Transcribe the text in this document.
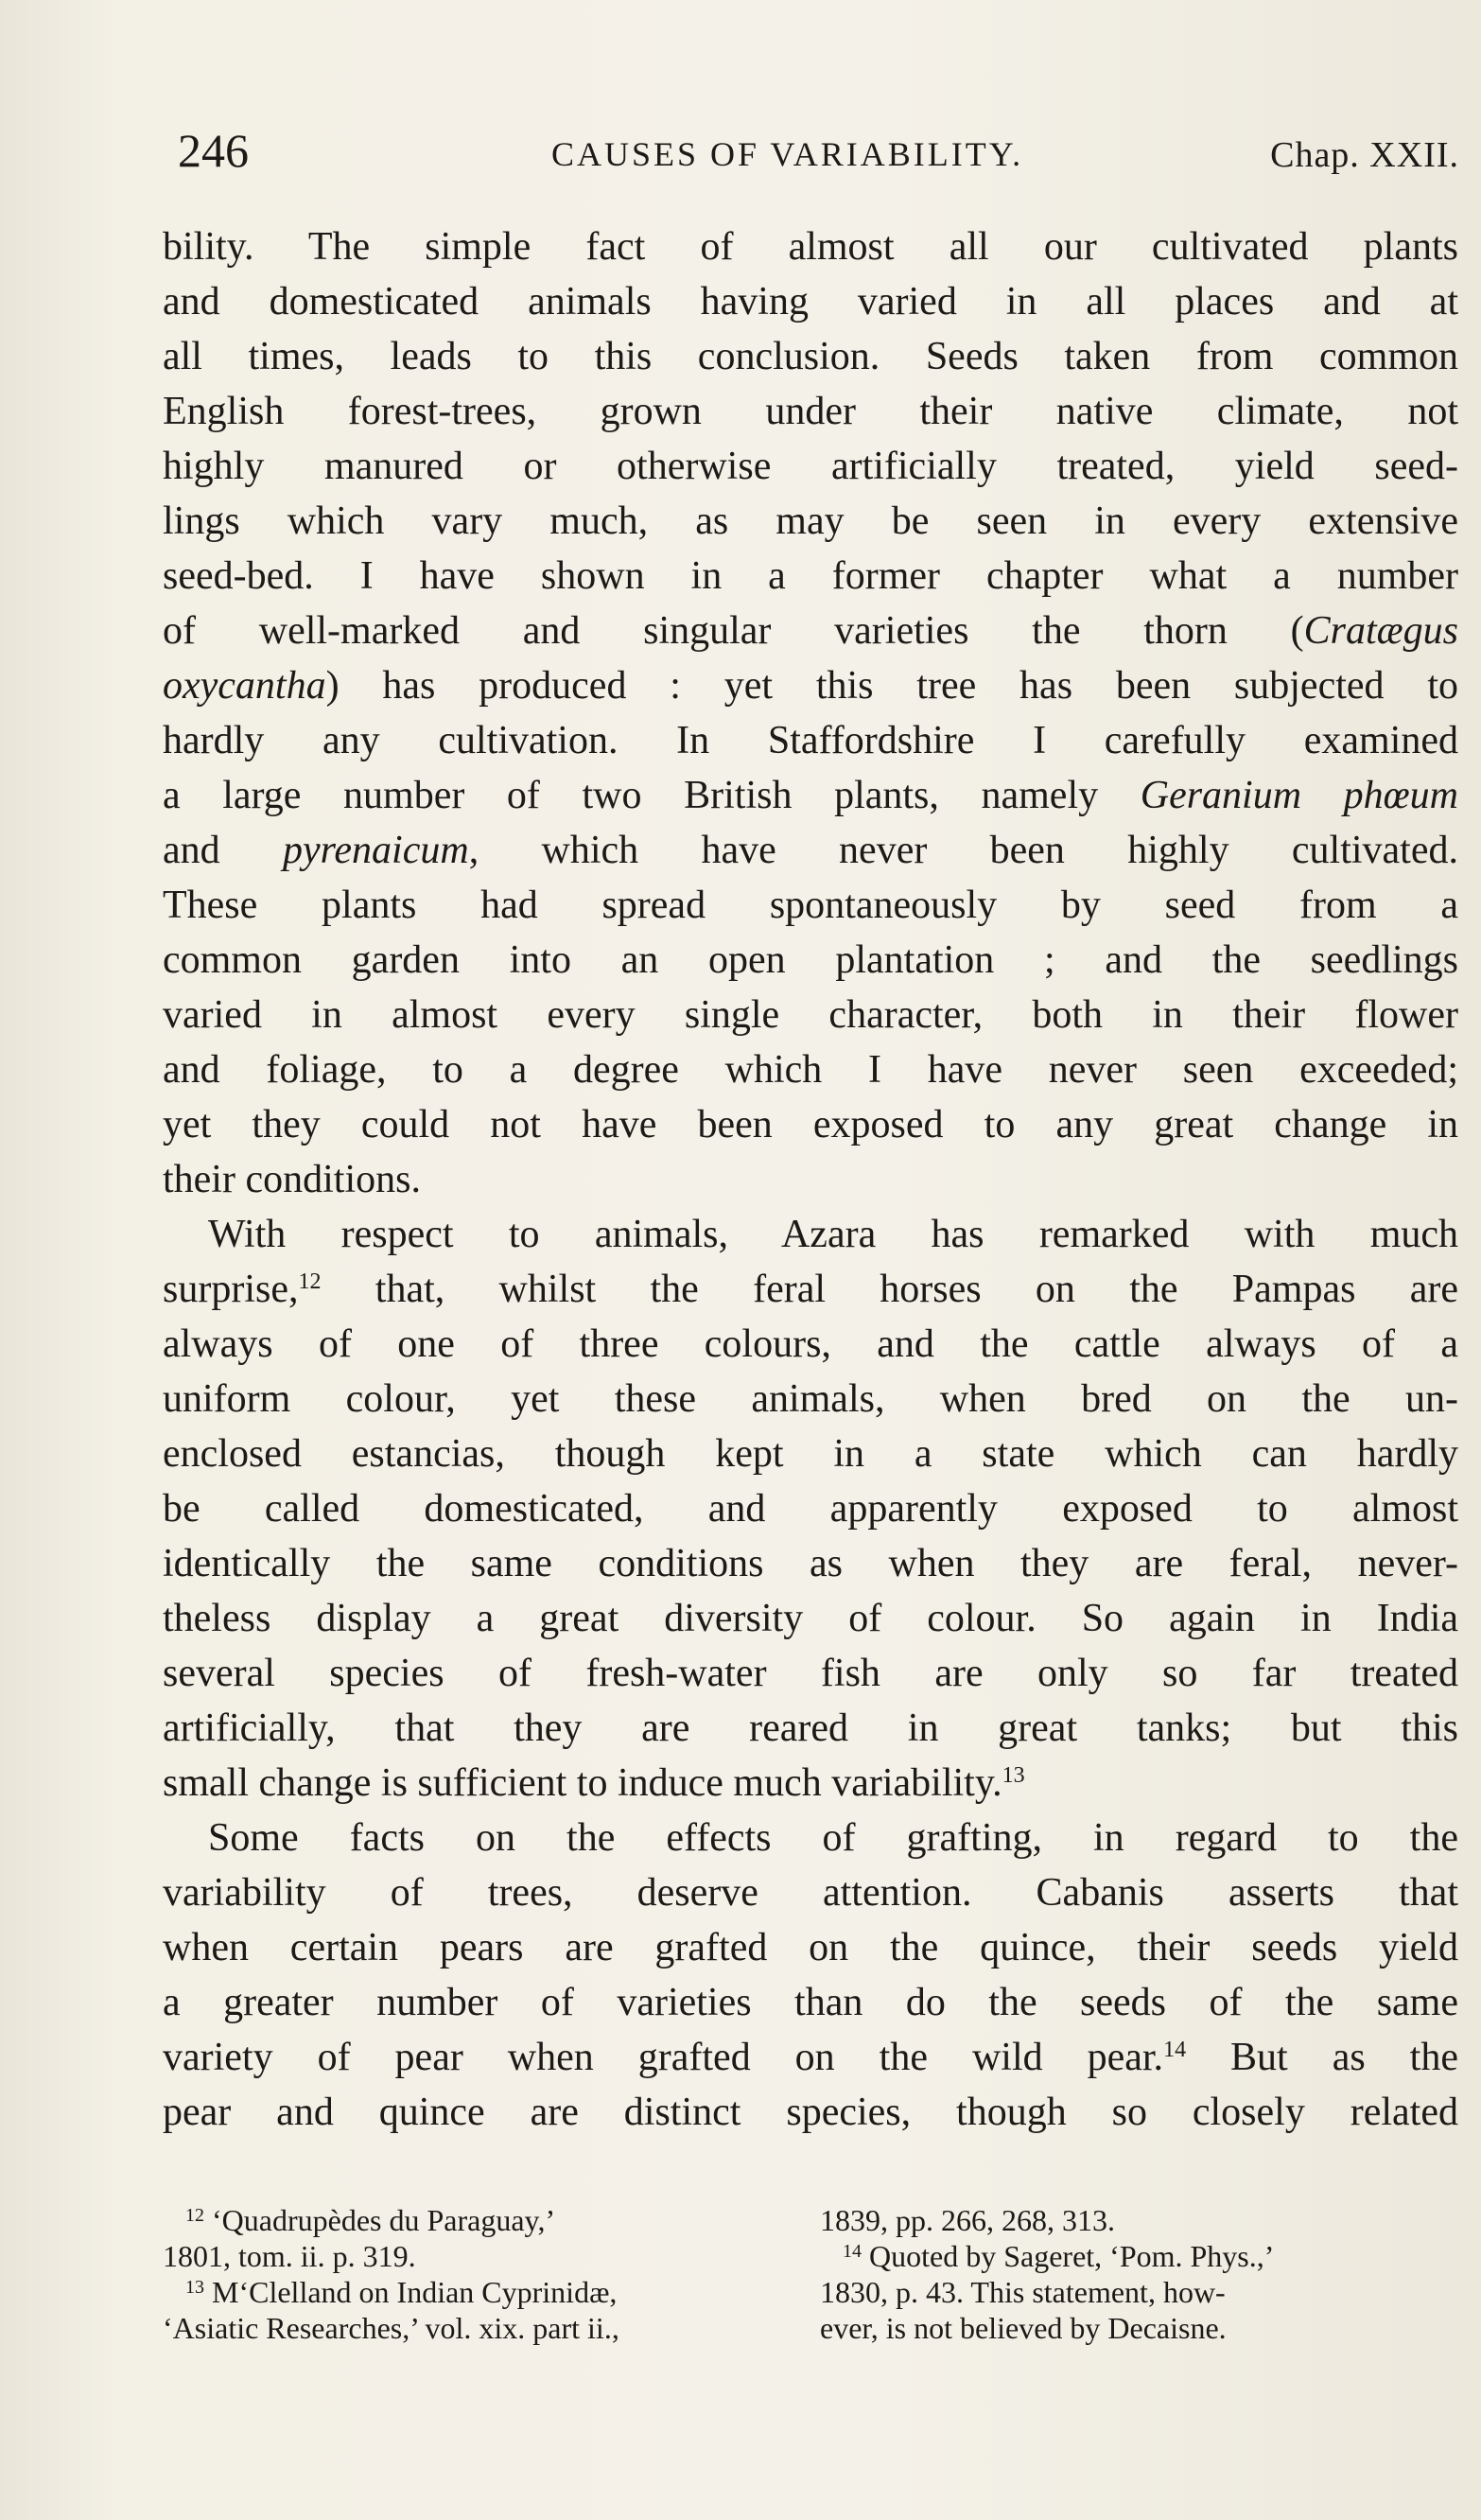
246	CAUSES OF VARIABILITY.	Chap. XXII.
bility. The simple fact of almost all our cultivated plants
and domesticated animals having varied in all places and at
all times, leads to this conclusion. Seeds taken from common
English forest-trees, grown under their native climate, not
highly manured or otherwise artificially treated, yield seed-
lings which vary much, as may be seen in every extensive
seed-bed. I have shown in a former chapter what a number
of well-marked and singular varieties the thorn (Cratægus
oxycantha) has produced : yet this tree has been subjected to
hardly any cultivation. In Staffordshire I carefully examined
a large number of two British plants, namely Geranium phœum
and pyrenaicum, which have never been highly cultivated.
These plants had spread spontaneously by seed from a
common garden into an open plantation ; and the seedlings
varied in almost every single character, both in their flower
and foliage, to a degree which I have never seen exceeded;
yet they could not have been exposed to any great change in
their conditions.
With respect to animals, Azara has remarked with much
surprise,$^{12}$ that, whilst the feral horses on the Pampas are
always of one of three colours, and the cattle always of a
uniform colour, yet these animals, when bred on the un-
enclosed estancias, though kept in a state which can hardly
be called domesticated, and apparently exposed to almost
identically the same conditions as when they are feral, never-
theless display a great diversity of colour. So again in India
several species of fresh-water fish are only so far treated
artificially, that they are reared in great tanks; but this
small change is sufficient to induce much variability.$^{13}$
Some facts on the effects of grafting, in regard to the
variability of trees, deserve attention. Cabanis asserts that
when certain pears are grafted on the quince, their seeds yield
a greater number of varieties than do the seeds of the same
variety of pear when grafted on the wild pear.$^{14}$ But as the
pear and quince are distinct species, though so closely related
$^{12}$ ‘Quadrupèdes du Paraguay,’
1801, tom. ii. p. 319.
$^{13}$ M‘Clelland on Indian Cyprinidæ,
‘Asiatic Researches,’ vol. xix. part ii.,
1839, pp. 266, 268, 313.
$^{14}$ Quoted by Sageret, ‘Pom. Phys.,’
1830, p. 43. This statement, how-
ever, is not believed by Decaisne.
